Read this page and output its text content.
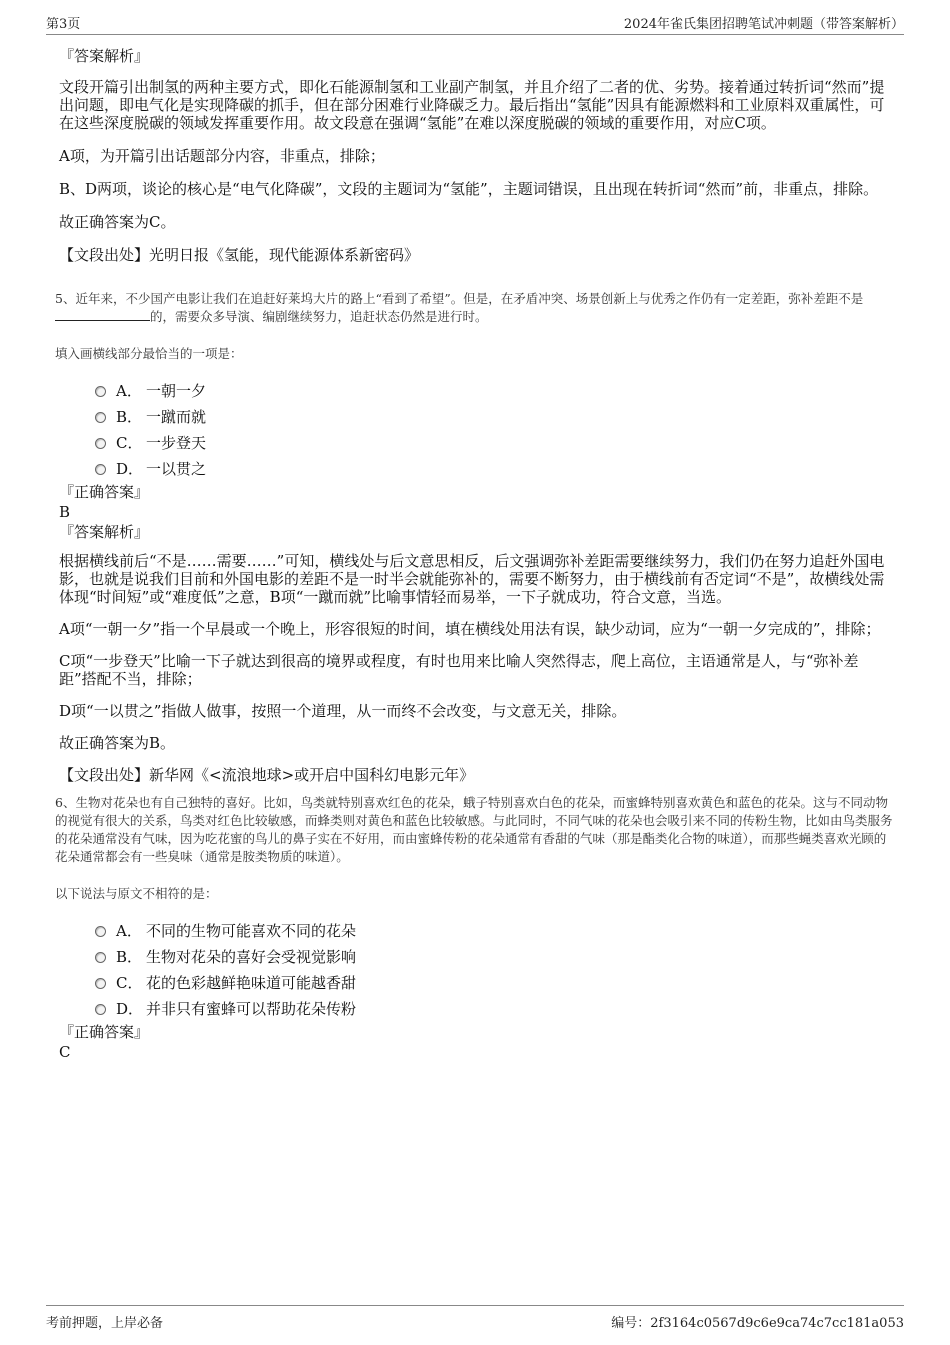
第3页	2024年雀氏集团招聘笔试冲刺题（带答案解析）
『答案解析』

文段开篇引出制氢的两种主要方式，即化石能源制氢和工业副产制氢，并且介绍了二者的优、劣势。接着通过转折词“然而”提出问题，即电气化是实现降碳的抓手，但在部分困难行业降碳乏力。最后指出“氢能”因具有能源燃料和工业原料双重属性，可在这些深度脱碳的领域发挥重要作用。故文段意在强调“氢能”在难以深度脱碳的领域的重要作用，对应C项。

A项，为开篇引出话题部分内容，非重点，排除；

B、D两项，谈论的核心是“电气化降碳”，文段的主题词为“氢能”，主题词错误，且出现在转折词“然而”前，非重点，排除。

故正确答案为C。

【文段出处】光明日报《氢能，现代能源体系新密码》

5、近年来，不少国产电影让我们在追赶好莱坞大片的路上“看到了希望”。但是，在矛盾冲突、场景创新上与优秀之作仍有一定差距，弥补差距不是的，需要众多导演、编剧继续努力，追赶状态仍然是进行时。

填入画横线部分最恰当的一项是：

A． 一朝一夕
B． 一蹴而就
C． 一步登天
D． 一以贯之
『正确答案』
B
『答案解析』

根据横线前后“不是……需要……”可知，横线处与后文意思相反，后文强调弥补差距需要继续努力，我们仍在努力追赶外国电影，也就是说我们目前和外国电影的差距不是一时半会就能弥补的，需要不断努力，由于横线前有否定词“不是”，故横线处需体现“时间短”或“难度低”之意，B项“一蹴而就”比喻事情轻而易举，一下子就成功，符合文意，当选。

A项“一朝一夕”指一个早晨或一个晚上，形容很短的时间，填在横线处用法有误，缺少动词，应为“一朝一夕完成的”，排除；

C项“一步登天”比喻一下子就达到很高的境界或程度，有时也用来比喻人突然得志，爬上高位，主语通常是人，与“弥补差距”搭配不当，排除；

D项“一以贯之”指做人做事，按照一个道理，从一而终不会改变，与文意无关，排除。

故正确答案为B。

【文段出处】新华网《<流浪地球>或开启中国科幻电影元年》

6、生物对花朵也有自己独特的喜好。比如，鸟类就特别喜欢红色的花朵，蛾子特别喜欢白色的花朵，而蜜蜂特别喜欢黄色和蓝色的花朵。这与不同动物的视觉有很大的关系，鸟类对红色比较敏感，而蜂类则对黄色和蓝色比较敏感。与此同时，不同气味的花朵也会吸引来不同的传粉生物，比如由鸟类服务的花朵通常没有气味，因为吃花蜜的鸟儿的鼻子实在不好用，而由蜜蜂传粉的花朵通常有香甜的气味（那是酯类化合物的味道），而那些蝇类喜欢光顾的花朵通常都会有一些臭味（通常是胺类物质的味道）。

以下说法与原文不相符的是：

A． 不同的生物可能喜欢不同的花朵
B． 生物对花朵的喜好会受视觉影响
C． 花的色彩越鲜艳味道可能越香甜
D． 并非只有蜜蜂可以帮助花朵传粉
『正确答案』
C
考前押题，上岸必备	编号：2f3164c0567d9c6e9ca74c7cc181a053
